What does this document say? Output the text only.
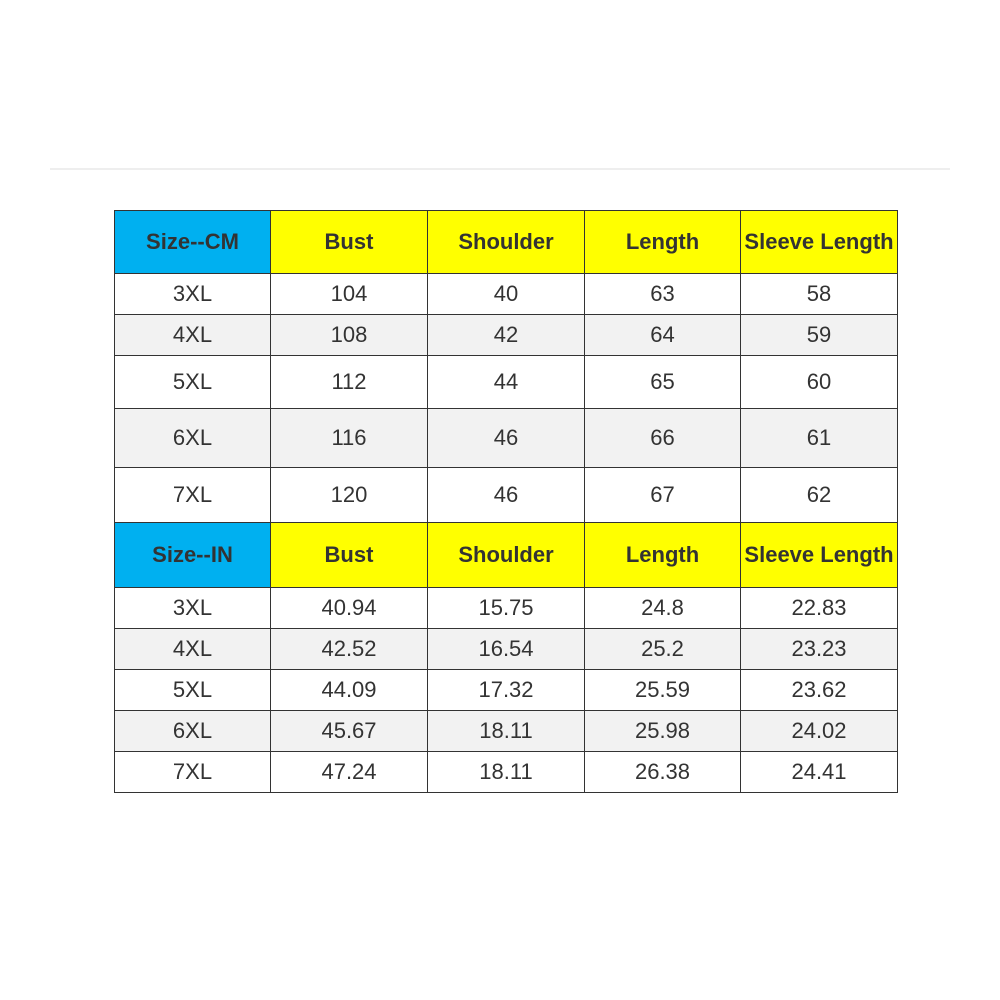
Size--CM	Bust	Shoulder	Length	Sleeve Length
3XL	104	40	63	58
4XL	108	42	64	59
5XL	112	44	65	60
6XL	116	46	66	61
7XL	120	46	67	62
Size--IN	Bust	Shoulder	Length	Sleeve Length
3XL	40.94	15.75	24.8	22.83
4XL	42.52	16.54	25.2	23.23
5XL	44.09	17.32	25.59	23.62
6XL	45.67	18.11	25.98	24.02
7XL	47.24	18.11	26.38	24.41
